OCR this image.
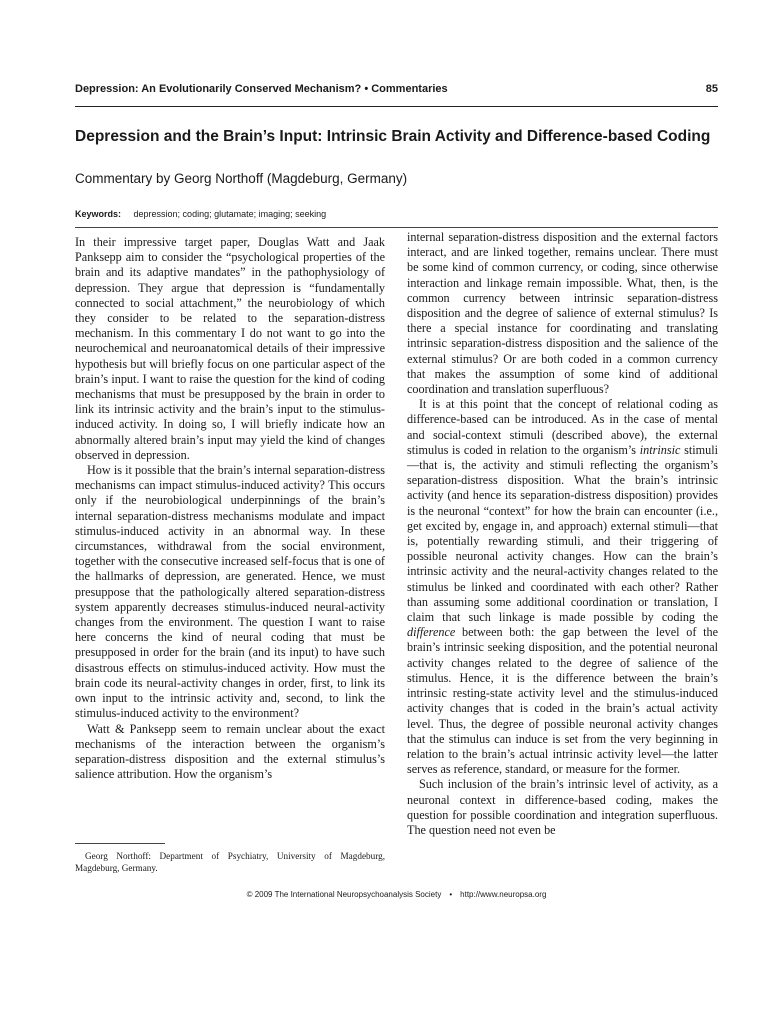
Depression: An Evolutionarily Conserved Mechanism? • Commentaries	85
Depression and the Brain’s Input: Intrinsic Brain Activity and Difference-based Coding
Commentary by Georg Northoff (Magdeburg, Germany)
Keywords: depression; coding; glutamate; imaging; seeking

In their impressive target paper, Douglas Watt and Jaak Panksepp aim to consider the “psychological properties of the brain and its adaptive mandates” in the pathophysiology of depression. They argue that depression is “fundamentally connected to social attachment,” the neurobiology of which they consider to be related to the separation-distress mechanism. In this commentary I do not want to go into the neurochemical and neuroanatomical details of their impressive hypothesis but will briefly focus on one particular aspect of the brain’s input. I want to raise the question for the kind of coding mechanisms that must be presupposed by the brain in order to link its intrinsic activity and the brain’s input to the stimulus-induced activity. In doing so, I will briefly indicate how an abnormally altered brain’s input may yield the kind of changes observed in depression.

How is it possible that the brain’s internal separation-distress mechanisms can impact stimulus-induced activity? This occurs only if the neurobiological underpinnings of the brain’s internal separation-distress mechanisms modulate and impact stimulus-induced activity in an abnormal way. In these circumstances, withdrawal from the social environment, together with the consecutive increased self-focus that is one of the hallmarks of depression, are generated. Hence, we must presuppose that the pathologically altered separation-distress system apparently decreases stimulus-induced neural-activity changes from the environment. The question I want to raise here concerns the kind of neural coding that must be presupposed in order for the brain (and its input) to have such disastrous effects on stimulus-induced activity. How must the brain code its neural-activity changes in order, first, to link its own input to the intrinsic activity and, second, to link the stimulus-induced activity to the environment?

Watt & Panksepp seem to remain unclear about the exact mechanisms of the interaction between the organism’s separation-distress disposition and the external stimulus’s salience attribution. How the organism’s

internal separation-distress disposition and the external factors interact, and are linked together, remains unclear. There must be some kind of common currency, or coding, since otherwise interaction and linkage remain impossible. What, then, is the common currency between intrinsic separation-distress disposition and the degree of salience of external stimulus? Is there a special instance for coordinating and translating intrinsic separation-distress disposition and the salience of the external stimulus? Or are both coded in a common currency that makes the assumption of some kind of additional coordination and translation superfluous?

It is at this point that the concept of relational coding as difference-based can be introduced. As in the case of mental and social-context stimuli (described above), the external stimulus is coded in relation to the organism’s intrinsic stimuli—that is, the activity and stimuli reflecting the organism’s separation-distress disposition. What the brain’s intrinsic activity (and hence its separation-distress disposition) provides is the neuronal “context” for how the brain can encounter (i.e., get excited by, engage in, and approach) external stimuli—that is, potentially rewarding stimuli, and their triggering of possible neuronal activity changes. How can the brain’s intrinsic activity and the neural-activity changes related to the stimulus be linked and coordinated with each other? Rather than assuming some additional coordination or translation, I claim that such linkage is made possible by coding the difference between both: the gap between the level of the brain’s intrinsic seeking disposition, and the potential neuronal activity changes related to the degree of salience of the stimulus. Hence, it is the difference between the brain’s intrinsic resting-state activity level and the stimulus-induced activity changes that is coded in the brain’s actual activity level. Thus, the degree of possible neuronal activity changes that the stimulus can induce is set from the very beginning in relation to the brain’s actual intrinsic activity level—the latter serves as reference, standard, or measure for the former.

Such inclusion of the brain’s intrinsic level of activity, as a neuronal context in difference-based coding, makes the question for possible coordination and integration superfluous. The question need not even be

Georg Northoff: Department of Psychiatry, University of Magdeburg, Magdeburg, Germany.

© 2009 The International Neuropsychoanalysis Society • http://www.neuropsa.org
